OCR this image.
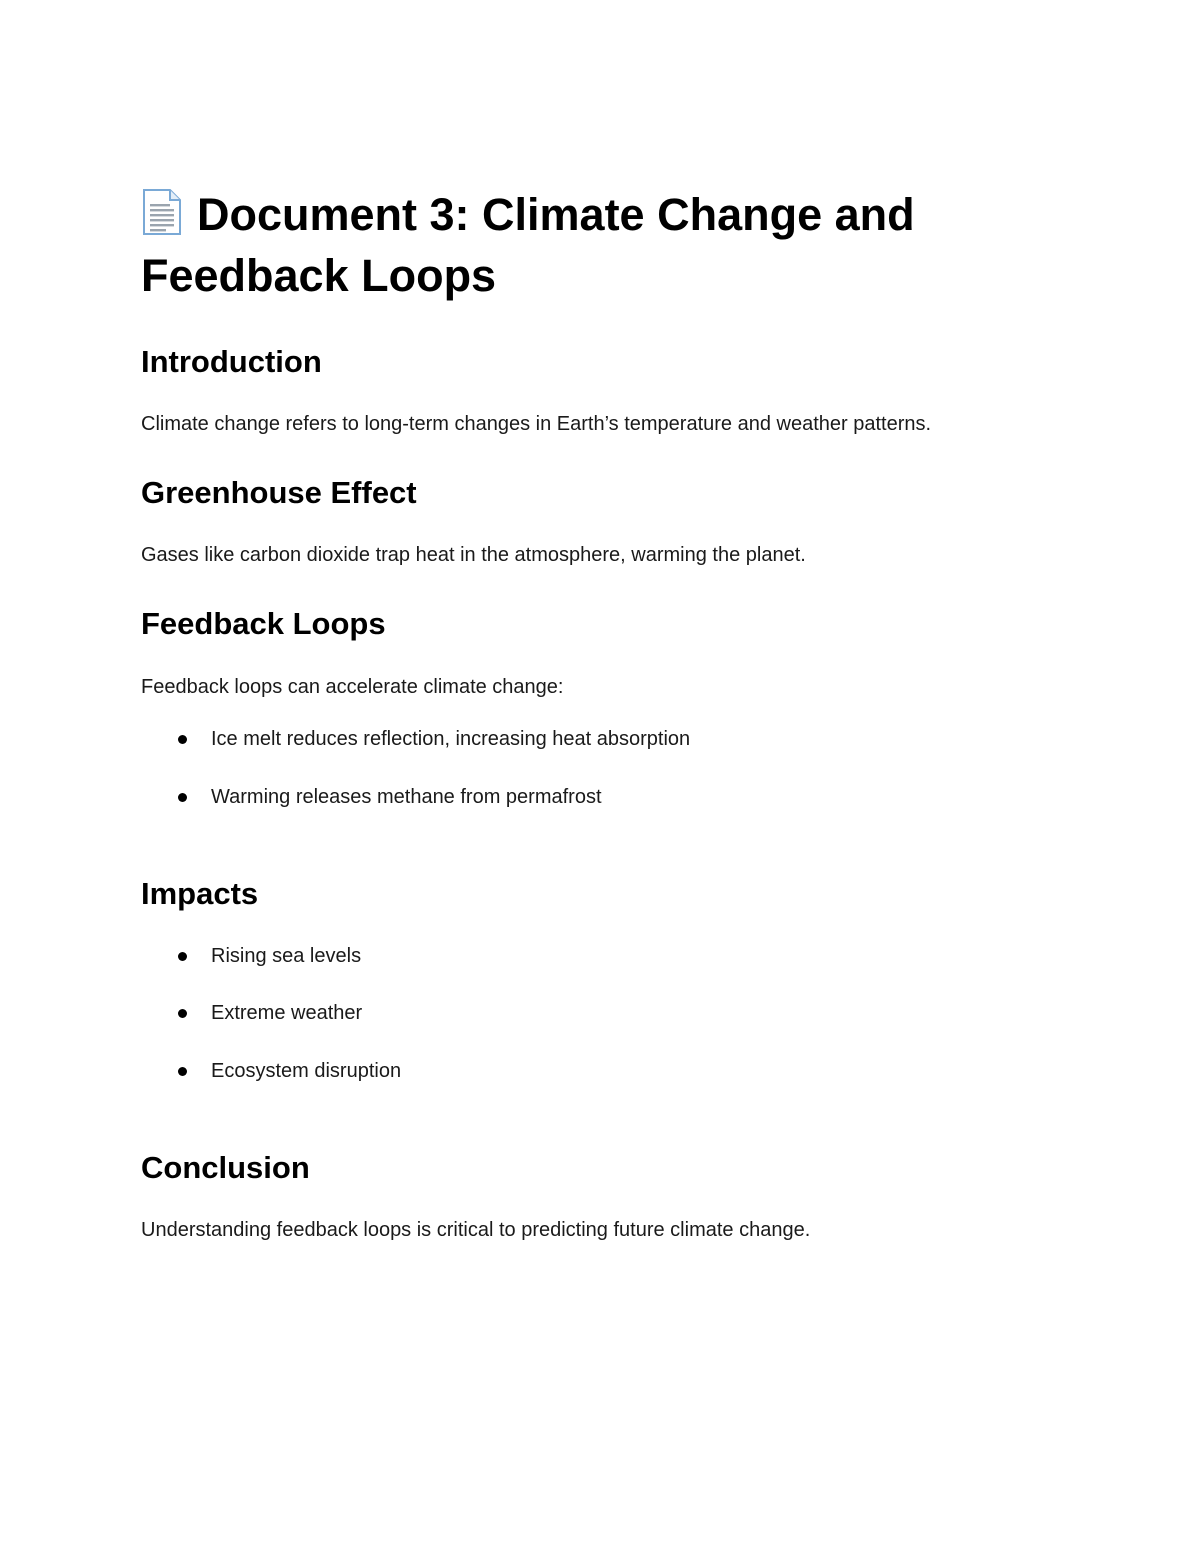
Document 3: Climate Change and Feedback Loops
Introduction

Climate change refers to long-term changes in Earth’s temperature and weather patterns.

Greenhouse Effect

Gases like carbon dioxide trap heat in the atmosphere, warming the planet.

Feedback Loops

Feedback loops can accelerate climate change:

Ice melt reduces reflection, increasing heat absorption
Warming releases methane from permafrost
Impacts
Rising sea levels
Extreme weather
Ecosystem disruption
Conclusion

Understanding feedback loops is critical to predicting future climate change.
